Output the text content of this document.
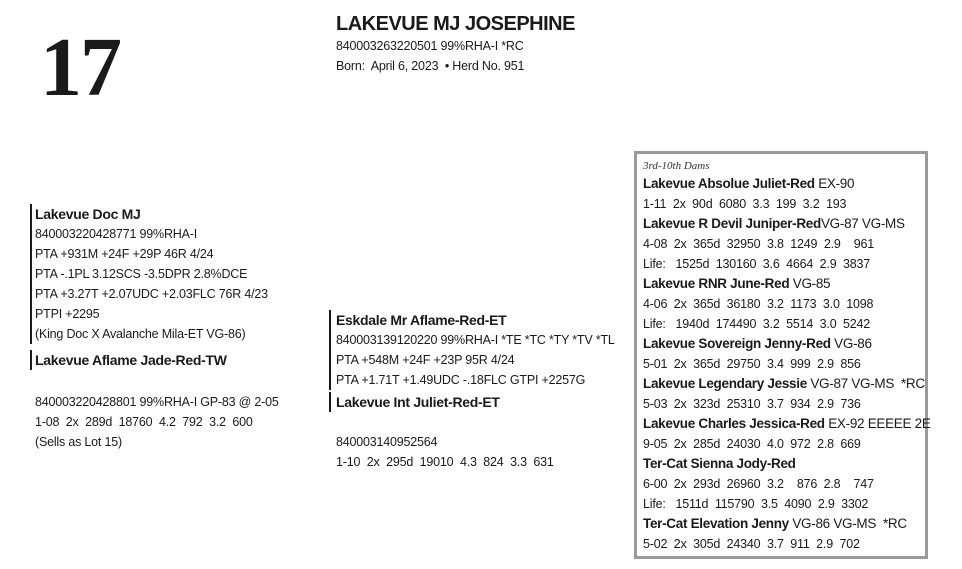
17	LAKEVUE MJ JOSEPHINE
840003263220501 99%RHA-I *RC
Born:  April 6, 2023  • Herd No. 951
Lakevue Doc MJ
840003220428771 99%RHA-I
PTA +931M +24F +29P 46R 4/24
PTA -.1PL 3.12SCS -3.5DPR 2.8%DCE
PTA +3.27T +2.07UDC +2.03FLC 76R 4/23
PTPI +2295
(King Doc X Avalanche Mila-ET VG-86)
Lakevue Aflame Jade-Red-TW
840003220428801 99%RHA-I GP-83 @ 2-05
1-08  2x  289d  18760  4.2  792  3.2  600
(Sells as Lot 15)
Eskdale Mr Aflame-Red-ET
840003139120220 99%RHA-I *TE *TC *TY *TV *TL
PTA +548M +24F +23P 95R 4/24
PTA +1.71T +1.49UDC -.18FLC GTPI +2257G
Lakevue Int Juliet-Red-ET
840003140952564
1-10  2x  295d  19010  4.3  824  3.3  631
3rd-10th Dams
Lakevue Absolue Juliet-Red EX-90
1-11  2x  90d  6080  3.3  199  3.2  193
Lakevue R Devil Juniper-RedVG-87 VG-MS
4-08  2x  365d  32950  3.8  1249  2.9    961
Life:   1525d  130160  3.6  4664  2.9  3837
Lakevue RNR June-Red VG-85
4-06  2x  365d  36180  3.2  1173  3.0  1098
Life:   1940d  174490  3.2  5514  3.0  5242
Lakevue Sovereign Jenny-Red VG-86
5-01  2x  365d  29750  3.4  999  2.9  856
Lakevue Legendary Jessie VG-87 VG-MS  *RC
5-03  2x  323d  25310  3.7  934  2.9  736
Lakevue Charles Jessica-Red EX-92 EEEEE 2E
9-05  2x  285d  24030  4.0  972  2.8  669
Ter-Cat Sienna Jody-Red
6-00  2x  293d  26960  3.2    876  2.8    747
Life:   1511d  115790  3.5  4090  2.9  3302
Ter-Cat Elevation Jenny VG-86 VG-MS  *RC
5-02  2x  305d  24340  3.7  911  2.9  702
